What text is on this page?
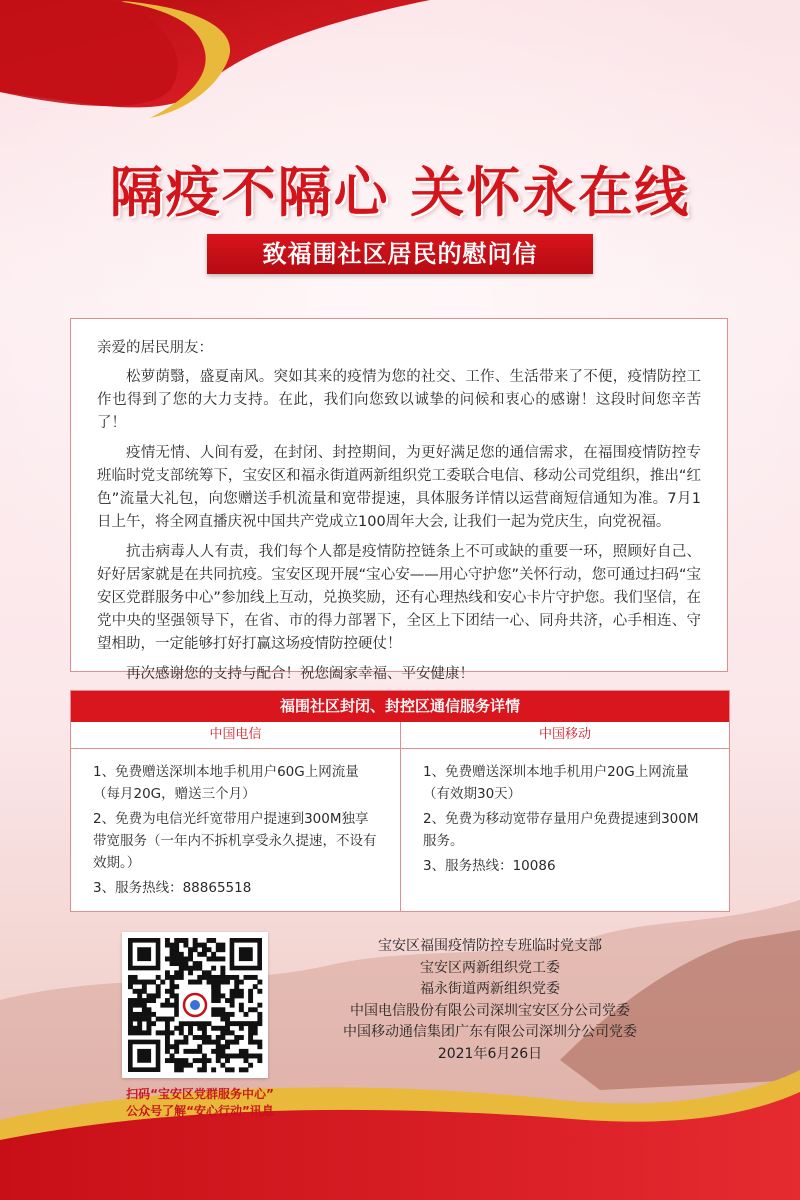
隔疫不隔心 关怀永在线
致福围社区居民的慰问信

亲爱的居民朋友：

松萝荫翳，盛夏南风。突如其来的疫情为您的社交、工作、生活带来了不便，疫情防控工作也得到了您的大力支持。在此，我们向您致以诚挚的问候和衷心的感谢！这段时间您辛苦了！

疫情无情、人间有爱，在封闭、封控期间，为更好满足您的通信需求，在福围疫情防控专班临时党支部统筹下，宝安区和福永街道两新组织党工委联合电信、移动公司党组织，推出“红色”流量大礼包，向您赠送手机流量和宽带提速，具体服务详情以运营商短信通知为准。7月1日上午，将全网直播庆祝中国共产党成立100周年大会, 让我们一起为党庆生，向党祝福。

抗击病毒人人有责，我们每个人都是疫情防控链条上不可或缺的重要一环，照顾好自己、好好居家就是在共同抗疫。宝安区现开展“宝心安——用心守护您”关怀行动，您可通过扫码“宝安区党群服务中心”参加线上互动，兑换奖励，还有心理热线和安心卡片守护您。我们坚信，在党中央的坚强领导下，在省、市的得力部署下，全区上下团结一心、同舟共济，心手相连、守望相助，一定能够打好打赢这场疫情防控硬仗！

再次感谢您的支持与配合！祝您阖家幸福、平安健康！

福围社区封闭、封控区通信服务详情
中国电信

1、免费赠送深圳本地手机用户60G上网流量（每月20G，赠送三个月）

2、免费为电信光纤宽带用户提速到300M独享带宽服务（一年内不拆机享受永久提速，不设有效期。）

3、服务热线：88865518

中国移动

1、免费赠送深圳本地手机用户20G上网流量（有效期30天）

2、免费为移动宽带存量用户免费提速到300M服务。

3、服务热线：10086

扫码“宝安区党群服务中心”
公众号了解“安心行动”讯息
宝安区福围疫情防控专班临时党支部
宝安区两新组织党工委
福永街道两新组织党委
中国电信股份有限公司深圳宝安区分公司党委
中国移动通信集团广东有限公司深圳分公司党委
2021年6月26日
